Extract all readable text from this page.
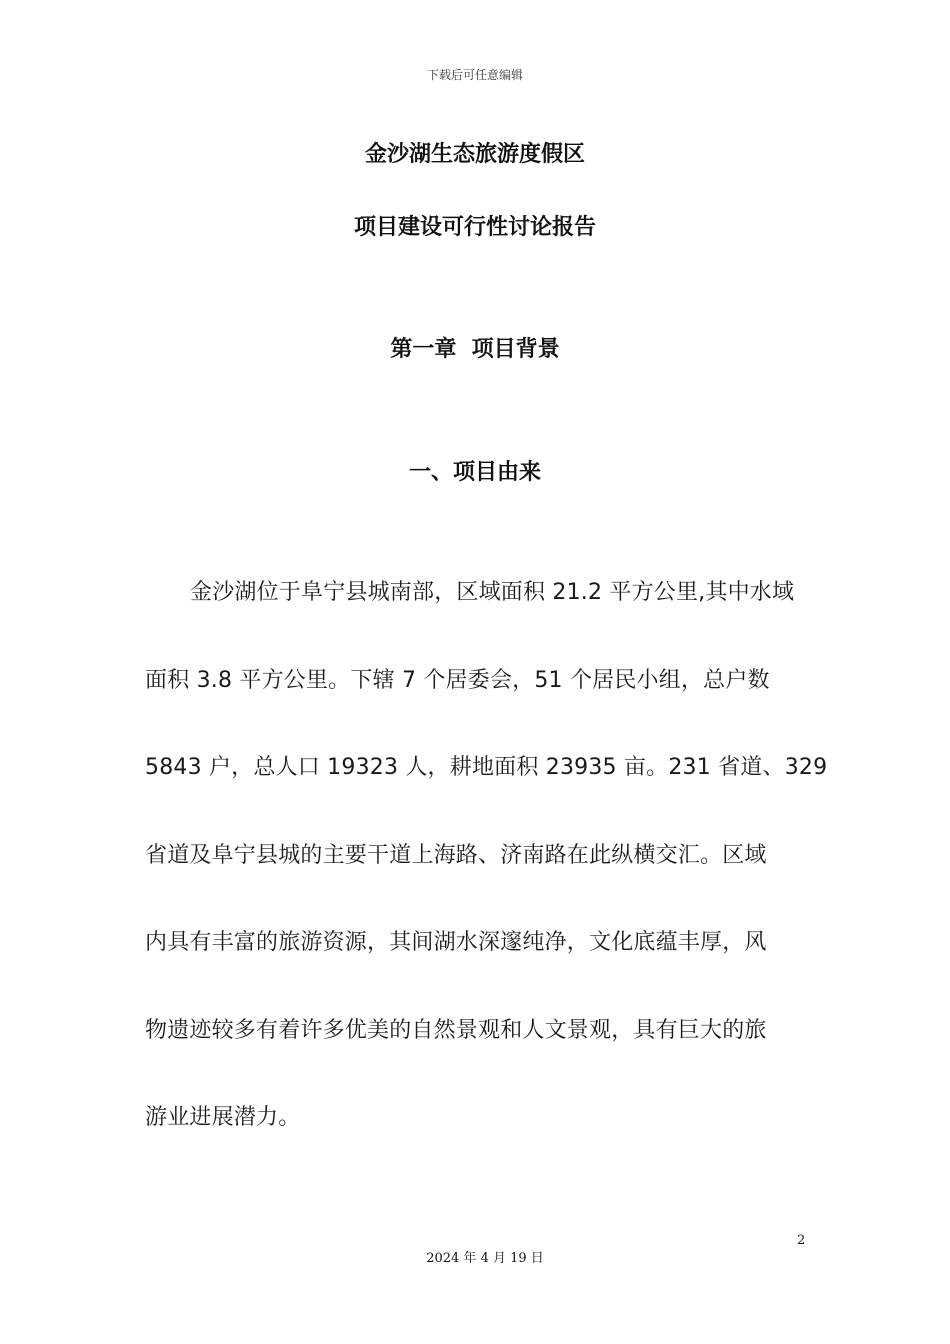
下载后可任意编辑
金沙湖生态旅游度假区
项目建设可行性讨论报告
第一章  项目背景
一、项目由来
金沙湖位于阜宁县城南部，区域面积 21.2 平方公里,其中水域
面积 3.8 平方公里。下辖 7 个居委会，51 个居民小组，总户数
5843 户，总人口 19323 人，耕地面积 23935 亩。231 省道、329
省道及阜宁县城的主要干道上海路、济南路在此纵横交汇。区域
内具有丰富的旅游资源，其间湖水深邃纯净，文化底蕴丰厚，风
物遗迹较多有着许多优美的自然景观和人文景观，具有巨大的旅
游业进展潜力。
2
2024 年 4 月 19 日
